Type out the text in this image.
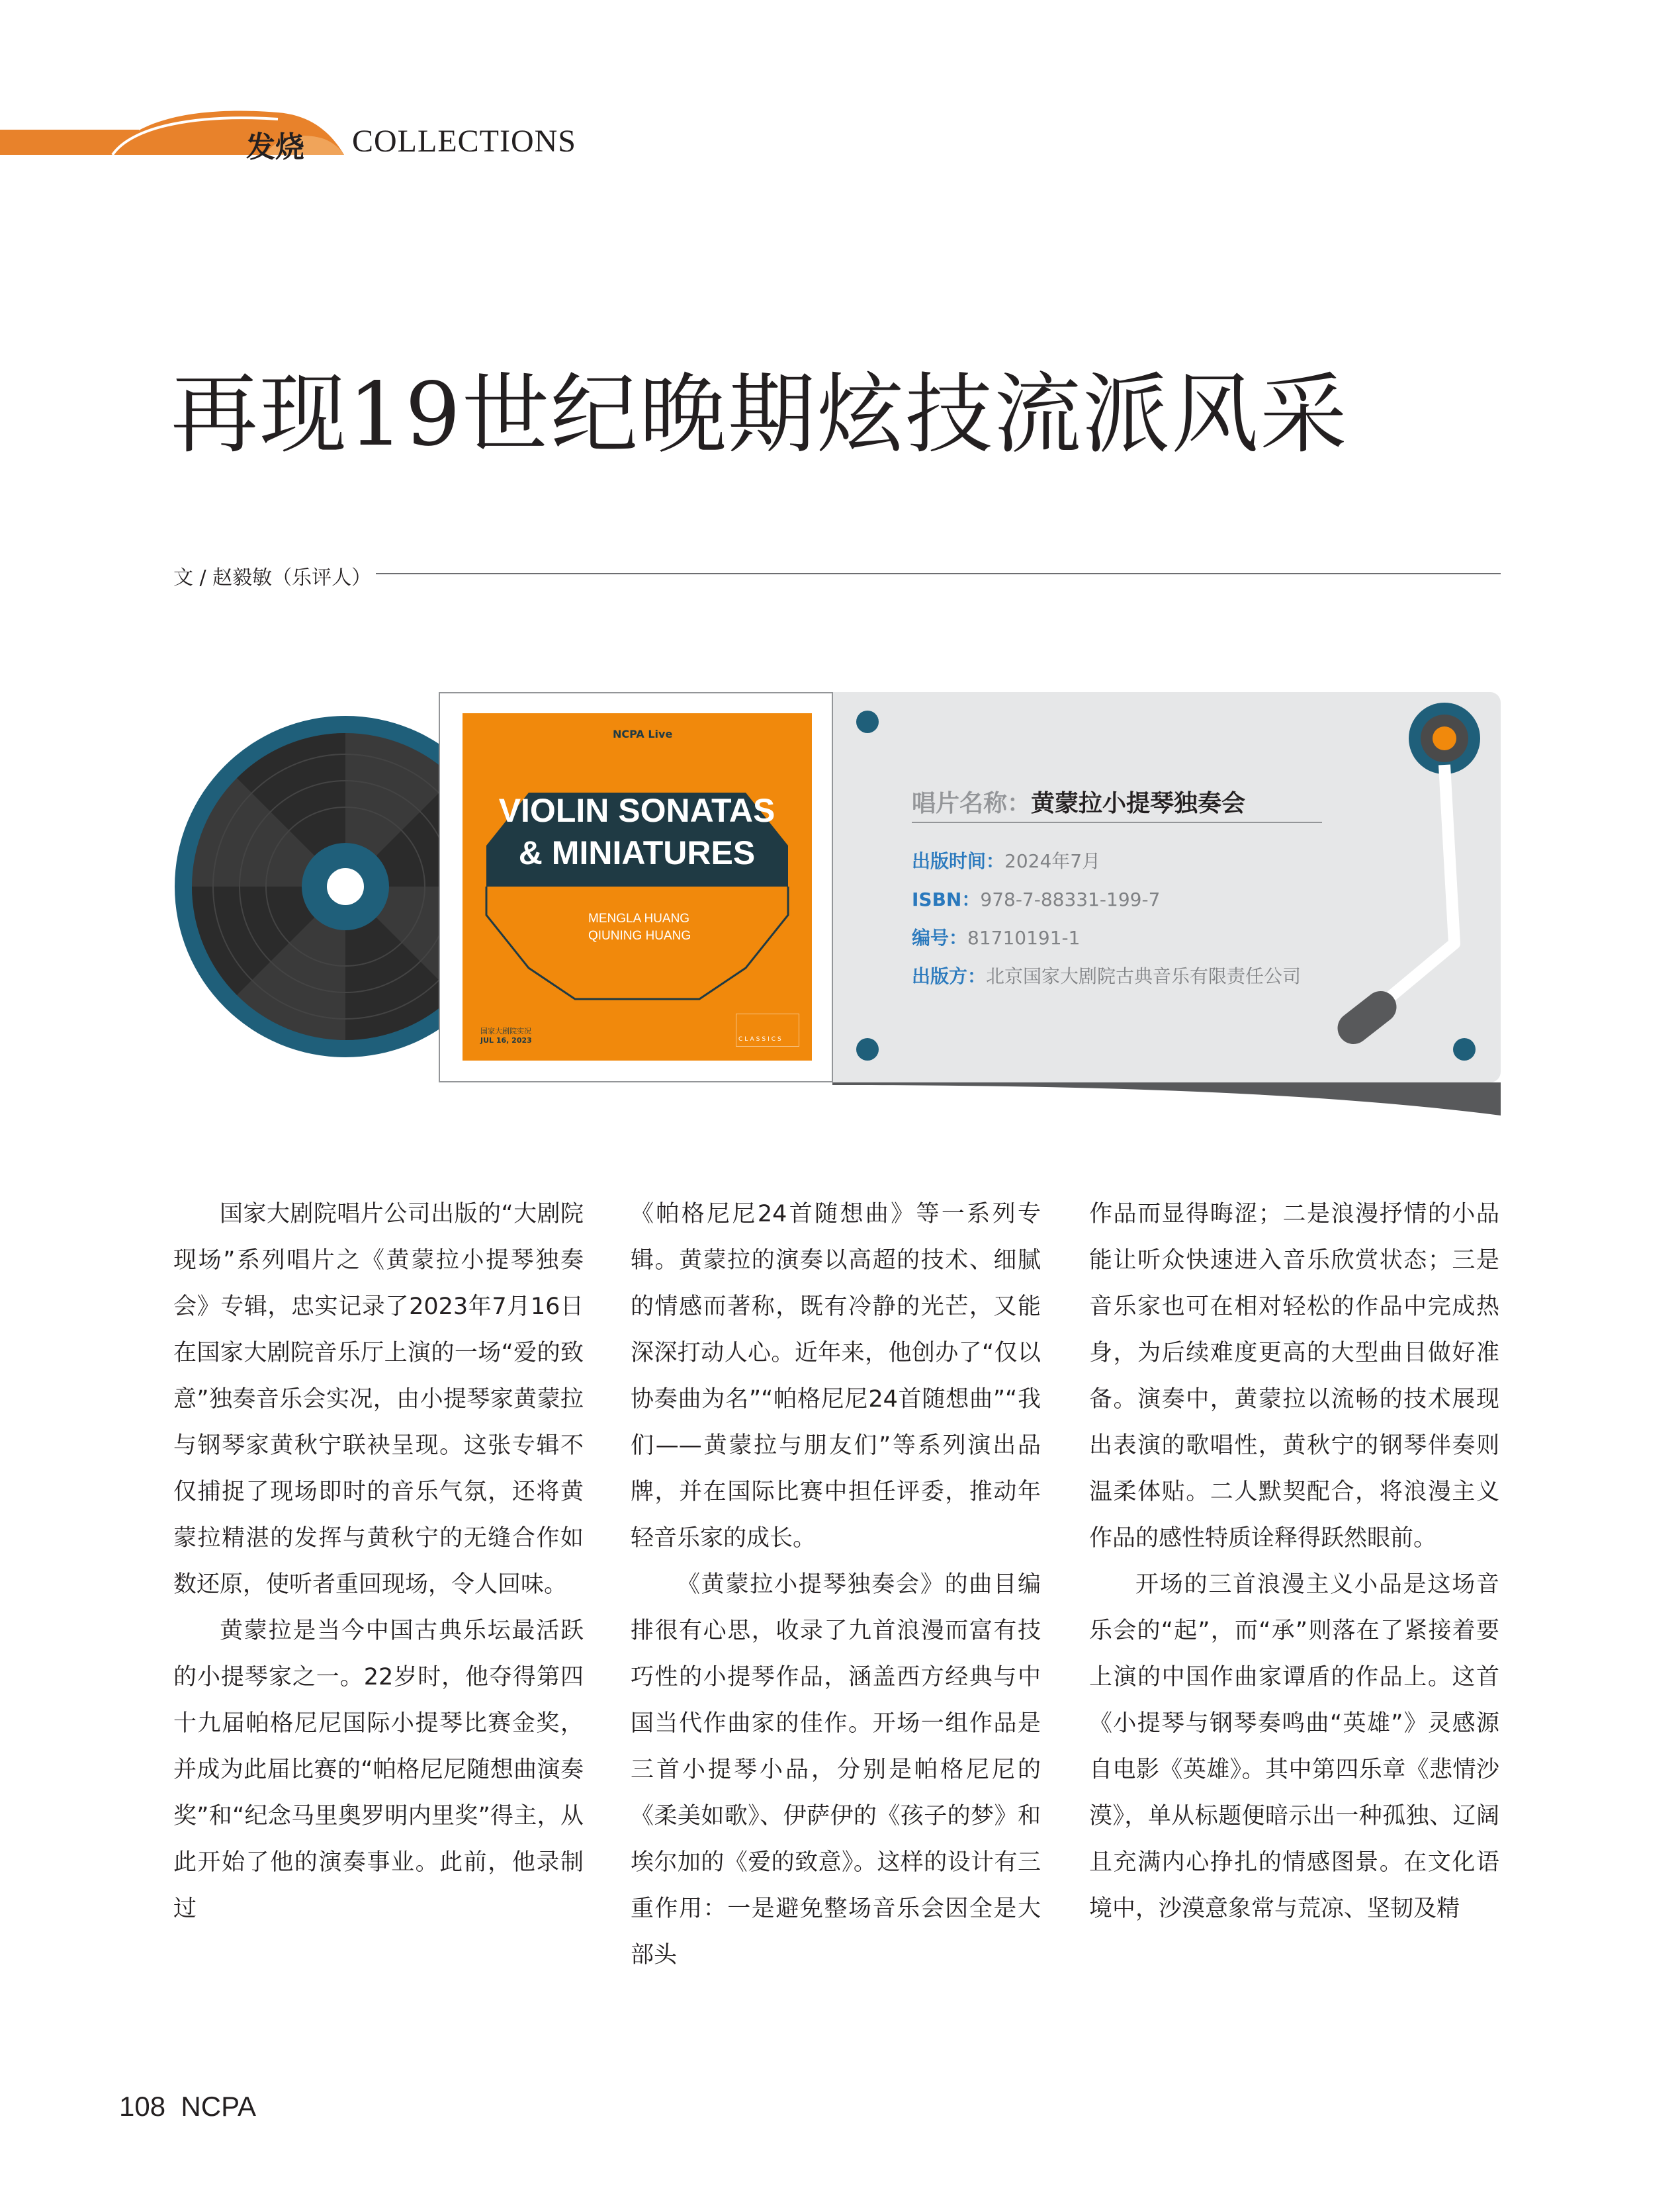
发烧 COLLECTIONS
再现19世纪晚期炫技流派风采
文 / 赵毅敏（乐评人）
唱片名称：黄蒙拉小提琴独奏会
出版时间：2024年7月
ISBN：978-7-88331-199-7
编号：81710191-1
出版方：北京国家大剧院古典音乐有限责任公司
NCPA Live
VIOLIN SONATAS
& MINIATURES
MENGLA HUANG
QIUNING HUANG
国家大剧院实况
JUL 16, 2023	CLASSICS

国家大剧院唱片公司出版的“大剧院现场”系列唱片之《黄蒙拉小提琴独奏会》专辑，忠实记录了2023年7月16日在国家大剧院音乐厅上演的一场“爱的致意”独奏音乐会实况，由小提琴家黄蒙拉与钢琴家黄秋宁联袂呈现。这张专辑不仅捕捉了现场即时的音乐气氛，还将黄蒙拉精湛的发挥与黄秋宁的无缝合作如数还原，使听者重回现场，令人回味。

黄蒙拉是当今中国古典乐坛最活跃的小提琴家之一。22岁时，他夺得第四十九届帕格尼尼国际小提琴比赛金奖，并成为此届比赛的“帕格尼尼随想曲演奏奖”和“纪念马里奥罗明内里奖”得主，从此开始了他的演奏事业。此前，他录制过

《帕格尼尼24首随想曲》等一系列专辑。黄蒙拉的演奏以高超的技术、细腻的情感而著称，既有冷静的光芒，又能深深打动人心。近年来，他创办了“仅以协奏曲为名”“帕格尼尼24首随想曲”“我们——黄蒙拉与朋友们”等系列演出品牌，并在国际比赛中担任评委，推动年轻音乐家的成长。

《黄蒙拉小提琴独奏会》的曲目编排很有心思，收录了九首浪漫而富有技巧性的小提琴作品，涵盖西方经典与中国当代作曲家的佳作。开场一组作品是三首小提琴小品，分别是帕格尼尼的《柔美如歌》、伊萨伊的《孩子的梦》和埃尔加的《爱的致意》。这样的设计有三重作用：一是避免整场音乐会因全是大部头

作品而显得晦涩；二是浪漫抒情的小品能让听众快速进入音乐欣赏状态；三是音乐家也可在相对轻松的作品中完成热身，为后续难度更高的大型曲目做好准备。演奏中，黄蒙拉以流畅的技术展现出表演的歌唱性，黄秋宁的钢琴伴奏则温柔体贴。二人默契配合，将浪漫主义作品的感性特质诠释得跃然眼前。

开场的三首浪漫主义小品是这场音乐会的“起”，而“承”则落在了紧接着要上演的中国作曲家谭盾的作品上。这首《小提琴与钢琴奏鸣曲“英雄”》灵感源自电影《英雄》。其中第四乐章《悲情沙漠》，单从标题便暗示出一种孤独、辽阔且充满内心挣扎的情感图景。在文化语境中，沙漠意象常与荒凉、坚韧及精

108  NCPA
